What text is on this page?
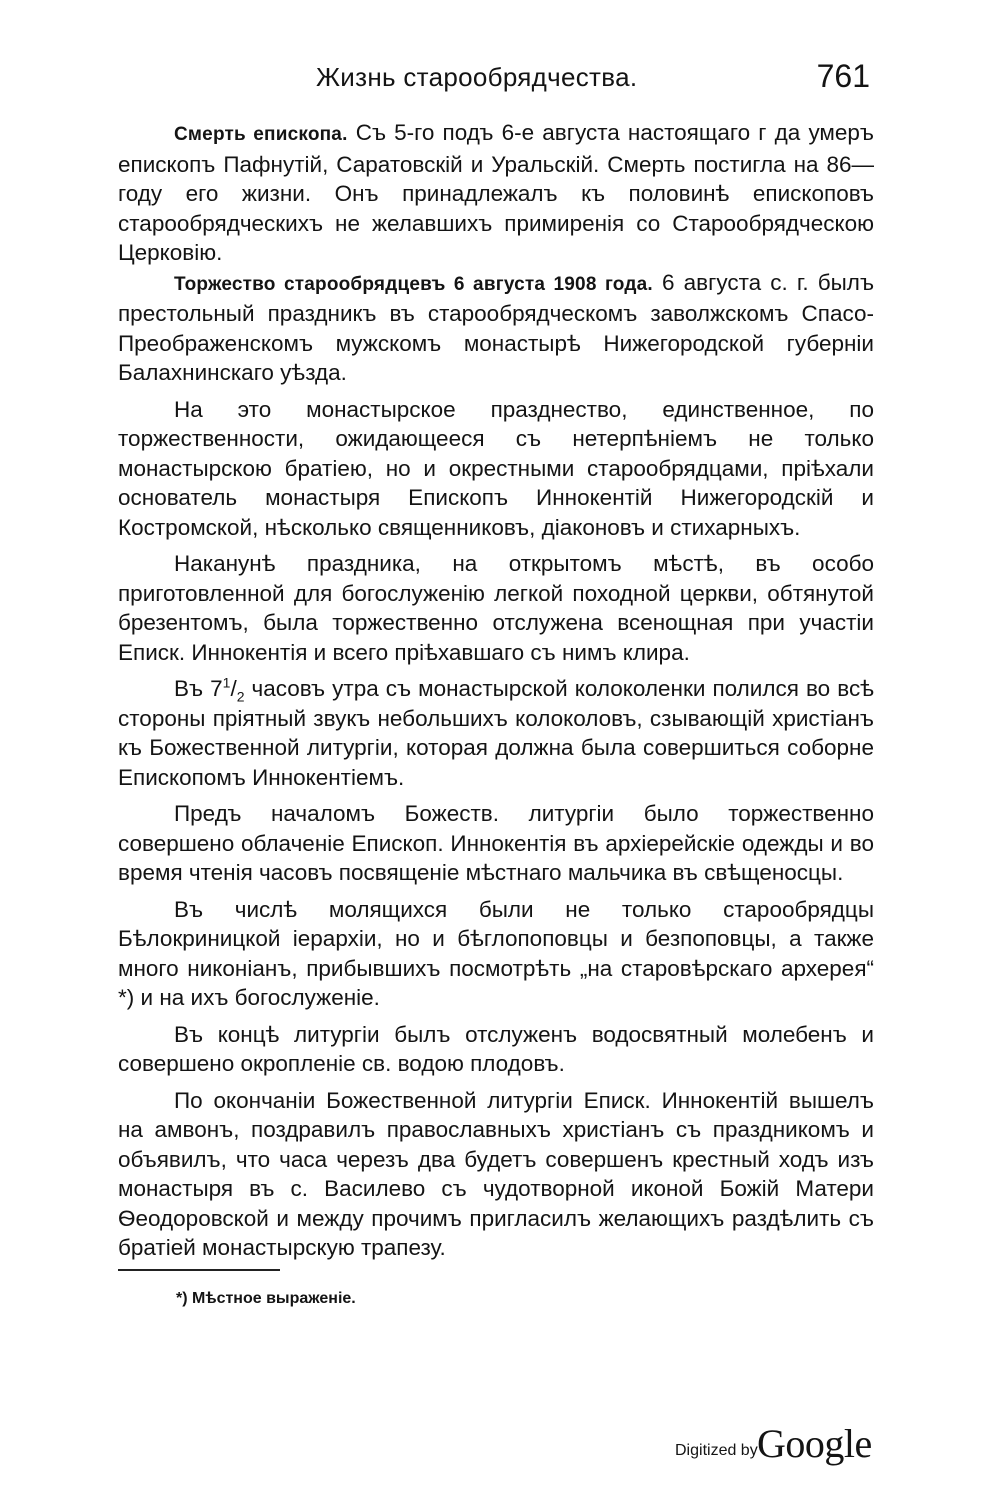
Жизнь старообрядчества.	761

Смерть епископа. Съ 5-го подъ 6-е августа настоящаго г да умеръ епископъ Пафнутій, Саратовскій и Уральскій. Смерть постигла на 86—году его жизни. Онъ принадлежалъ къ половинѣ епископовъ старообрядческихъ не желавшихъ примиренія со Старообрядческою Церковію.

Торжество старообрядцевъ 6 августа 1908 года. 6 августа с. г. былъ престольный праздникъ въ старообрядческомъ заволжскомъ Спасо-Преображенскомъ мужскомъ монастырѣ Нижегородской губерніи Балахнинскаго уѣзда.

На это монастырское празднество, единственное, по торжественности, ожидающееся съ нетерпѣніемъ не только монастырскою братіею, но и окрестными старообрядцами, пріѣхали основатель монастыря Епископъ Иннокентій Нижегородскій и Костромской, нѣсколько священниковъ, діаконовъ и стихарныхъ.

Наканунѣ праздника, на открытомъ мѣстѣ, въ особо приготовленной для богослуженію легкой походной церкви, обтянутой брезентомъ, была торжественно отслужена всенощная при участіи Еписк. Иннокентія и всего пріѣхавшаго съ нимъ клира.

Въ $7^1/_2$ часовъ утра съ монастырской колоколенки полился во всѣ стороны пріятный звукъ небольшихъ колоколовъ, сзывающій христіанъ къ Божественной литургіи, которая должна была совершиться соборне Епископомъ Иннокентіемъ.

Предъ началомъ Божеств. литургіи было торжественно совершено облаченіе Епископ. Иннокентія въ архіерейскіе одежды и во время чтенія часовъ посвященіе мѣстнаго мальчика въ свѣщеносцы.

Въ числѣ молящихся были не только старообрядцы Бѣлокриницкой іерархіи, но и бѣглопоповцы и безпоповцы, а также много никоніанъ, прибывшихъ посмотрѣть „на старовѣрскаго архерея“ *) и на ихъ богослуженіе.

Въ концѣ литургіи былъ отслуженъ водосвятный молебенъ и совершено окропленіе св. водою плодовъ.

По окончаніи Божественной литургіи Еписк. Иннокентій вышелъ на амвонъ, поздравилъ православныхъ христіанъ съ праздникомъ и объявилъ, что часа черезъ два будетъ совершенъ крестный ходъ изъ монастыря въ с. Василево съ чудотворной иконой Божій Матери Ѳеодоровской и между прочимъ пригласилъ желающихъ раздѣлить съ братіей монастырскую трапезу.

*) Мѣстное выраженіе.
Digitized by Google
